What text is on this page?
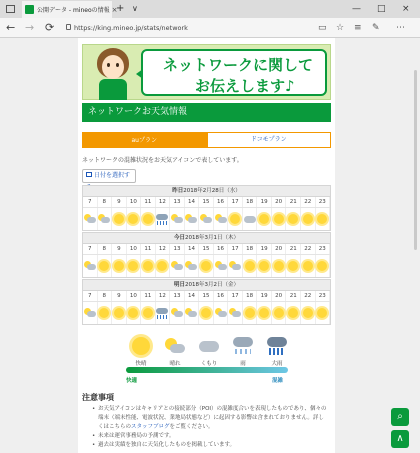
公開データ - mineoの情報 ×
+ ∨	— □ ×
← → ⟳	https://king.mineo.jp/stats/network	▭ ☆ ≡ ✎ ⋯
ネットワークに関して
お伝えします♪
ネットワークお天気情報
auプラン	ドコモプラン
ネットワークの混雑状況をお天気アイコンで表しています。
日付を選択す
昨日2018年2月28日（水）
7	8	9	10	11	12	13	14	15	16	17	18	19	20	21	22	23
今日2018年3月1日（木）
7	8	9	10	11	12	13	14	15	16	17	18	19	20	21	22	23
明日2018年3月2日（金）
7	8	9	10	11	12	13	14	15	16	17	18	19	20	21	22	23
快晴	晴れ	くもり	雨	大雨
快適	混雑
注意事項
• お天気アイコンはキャリアとの接続部分（POI）の混雑度合いを表現したものであり、個々の端末（端末性能、電波状況、業地局状態など）に起因する影響は含まれておりません。詳しくはこちらのスタッフブログをご覧ください。
• 未来は運営事務局の予測です。
• 過去は実績を独自に天気化したものを掲載しています。
⌕
∧
